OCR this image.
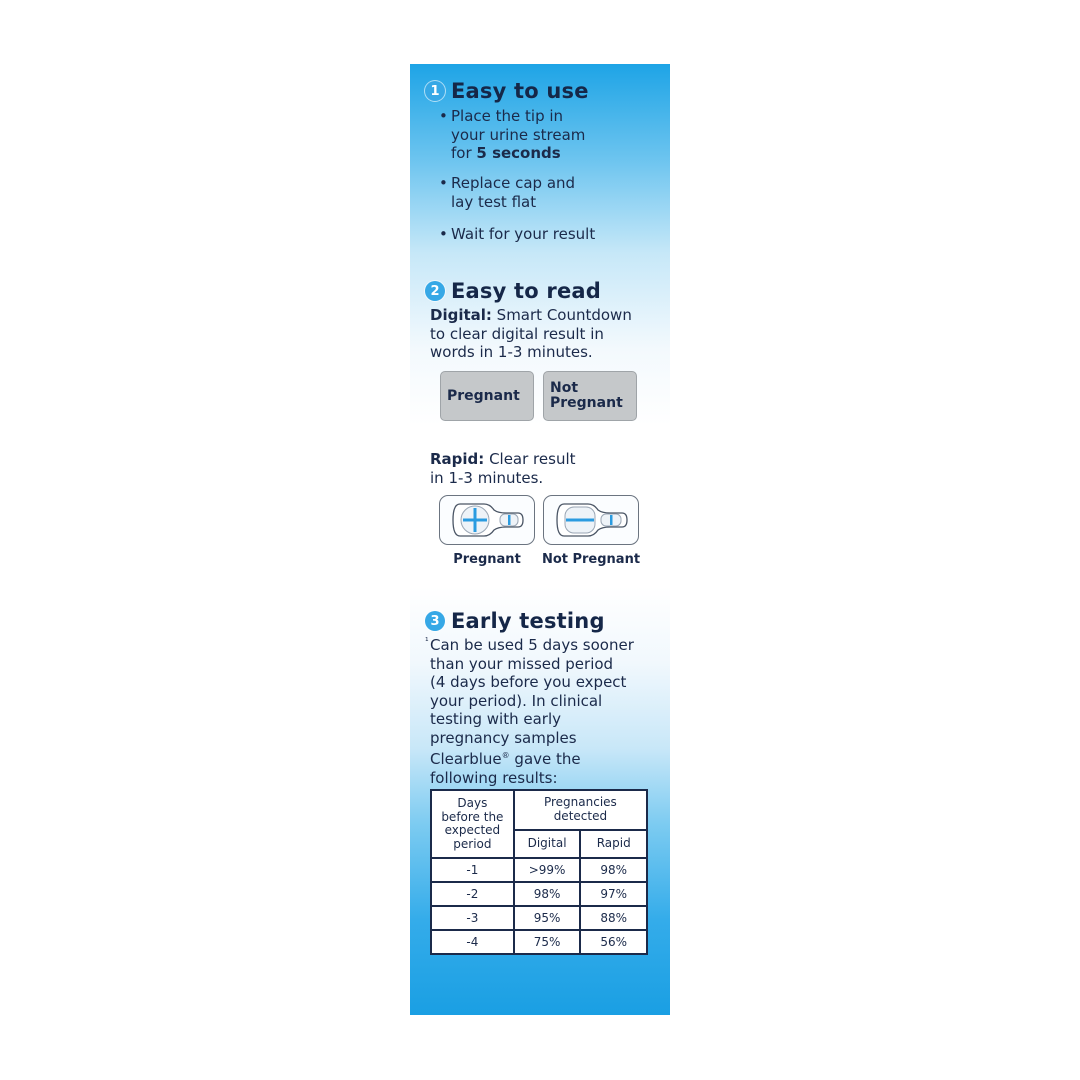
1 Easy to use
• Place the tip in
your urine stream
for 5 seconds
• Replace cap and
lay test flat
• Wait for your result
2 Easy to read
Digital: Smart Countdown
to clear digital result in
words in 1-3 minutes.
Pregnant Not
Pregnant
Rapid: Clear result
in 1-3 minutes.
Pregnant	Not Pregnant
3 Early testing
¹ Can be used 5 days sooner
than your missed period
(4 days before you expect
your period). In clinical
testing with early
pregnancy samples
Clearblue® gave the
following results:
Days
before the
expected
period	Pregnancies
detected	
	Digital	Rapid
-1	>99%	98%
-2	98%	97%
-3	95%	88%
-4	75%	56%
